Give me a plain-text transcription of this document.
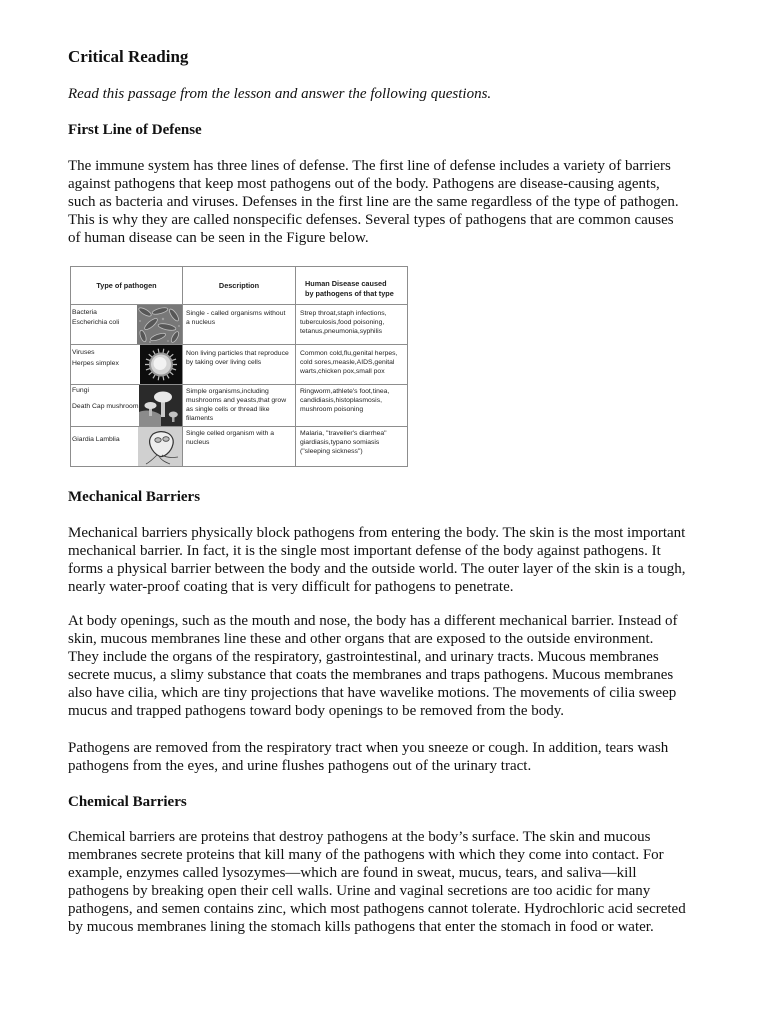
Critical Reading

Read this passage from the lesson and answer the following questions.

First Line of Defense
The immune system has three lines of defense. The first line of defense includes a variety of barriers
against pathogens that keep most pathogens out of the body. Pathogens are disease-causing agents,
such as bacteria and viruses. Defenses in the first line are the same regardless of the type of pathogen.
This is why they are called nonspecific defenses. Several types of pathogens that are common causes
of human disease can be seen in the Figure below.
Type of pathogen	Description	Human Disease caused
by pathogens of that type
Bacteria
Escherichia coli
Single - called organisms without
a nucleus
Strep throat,staph infections,
tuberculosis,food poisoning,
tetanus,pneumonia,syphilis
Viruses
Herpes simplex
Non living particles that reproduce
by taking over living cells
Common cold,flu,genital herpes,
cold sores,measle,AIDS,genital
warts,chicken pox,small pox
Fungi
Death Cap mushroom
Simple organisms,including
mushrooms and yeasts,that grow
as single cells or thread like
filaments
Ringworm,athlete's foot,tinea,
candidiasis,histoplasmosis,
mushroom poisoning
Giardia Lamblia
Single celled organism with a
nucleus
Malaria, "traveller's diarrhea"
giardiasis,typano somiasis
("sleeping sickness")
Mechanical Barriers
Mechanical barriers physically block pathogens from entering the body. The skin is the most important
mechanical barrier. In fact, it is the single most important defense of the body against pathogens. It
forms a physical barrier between the body and the outside world. The outer layer of the skin is a tough,
nearly water-proof coating that is very difficult for pathogens to penetrate.
At body openings, such as the mouth and nose, the body has a different mechanical barrier. Instead of
skin, mucous membranes line these and other organs that are exposed to the outside environment.
They include the organs of the respiratory, gastrointestinal, and urinary tracts. Mucous membranes
secrete mucus, a slimy substance that coats the membranes and traps pathogens. Mucous membranes
also have cilia, which are tiny projections that have wavelike motions. The movements of cilia sweep
mucus and trapped pathogens toward body openings to be removed from the body.
Pathogens are removed from the respiratory tract when you sneeze or cough. In addition, tears wash
pathogens from the eyes, and urine flushes pathogens out of the urinary tract.
Chemical Barriers
Chemical barriers are proteins that destroy pathogens at the body’s surface. The skin and mucous
membranes secrete proteins that kill many of the pathogens with which they come into contact. For
example, enzymes called lysozymes—which are found in sweat, mucus, tears, and saliva—kill
pathogens by breaking open their cell walls. Urine and vaginal secretions are too acidic for many
pathogens, and semen contains zinc, which most pathogens cannot tolerate. Hydrochloric acid secreted
by mucous membranes lining the stomach kills pathogens that enter the stomach in food or water.
